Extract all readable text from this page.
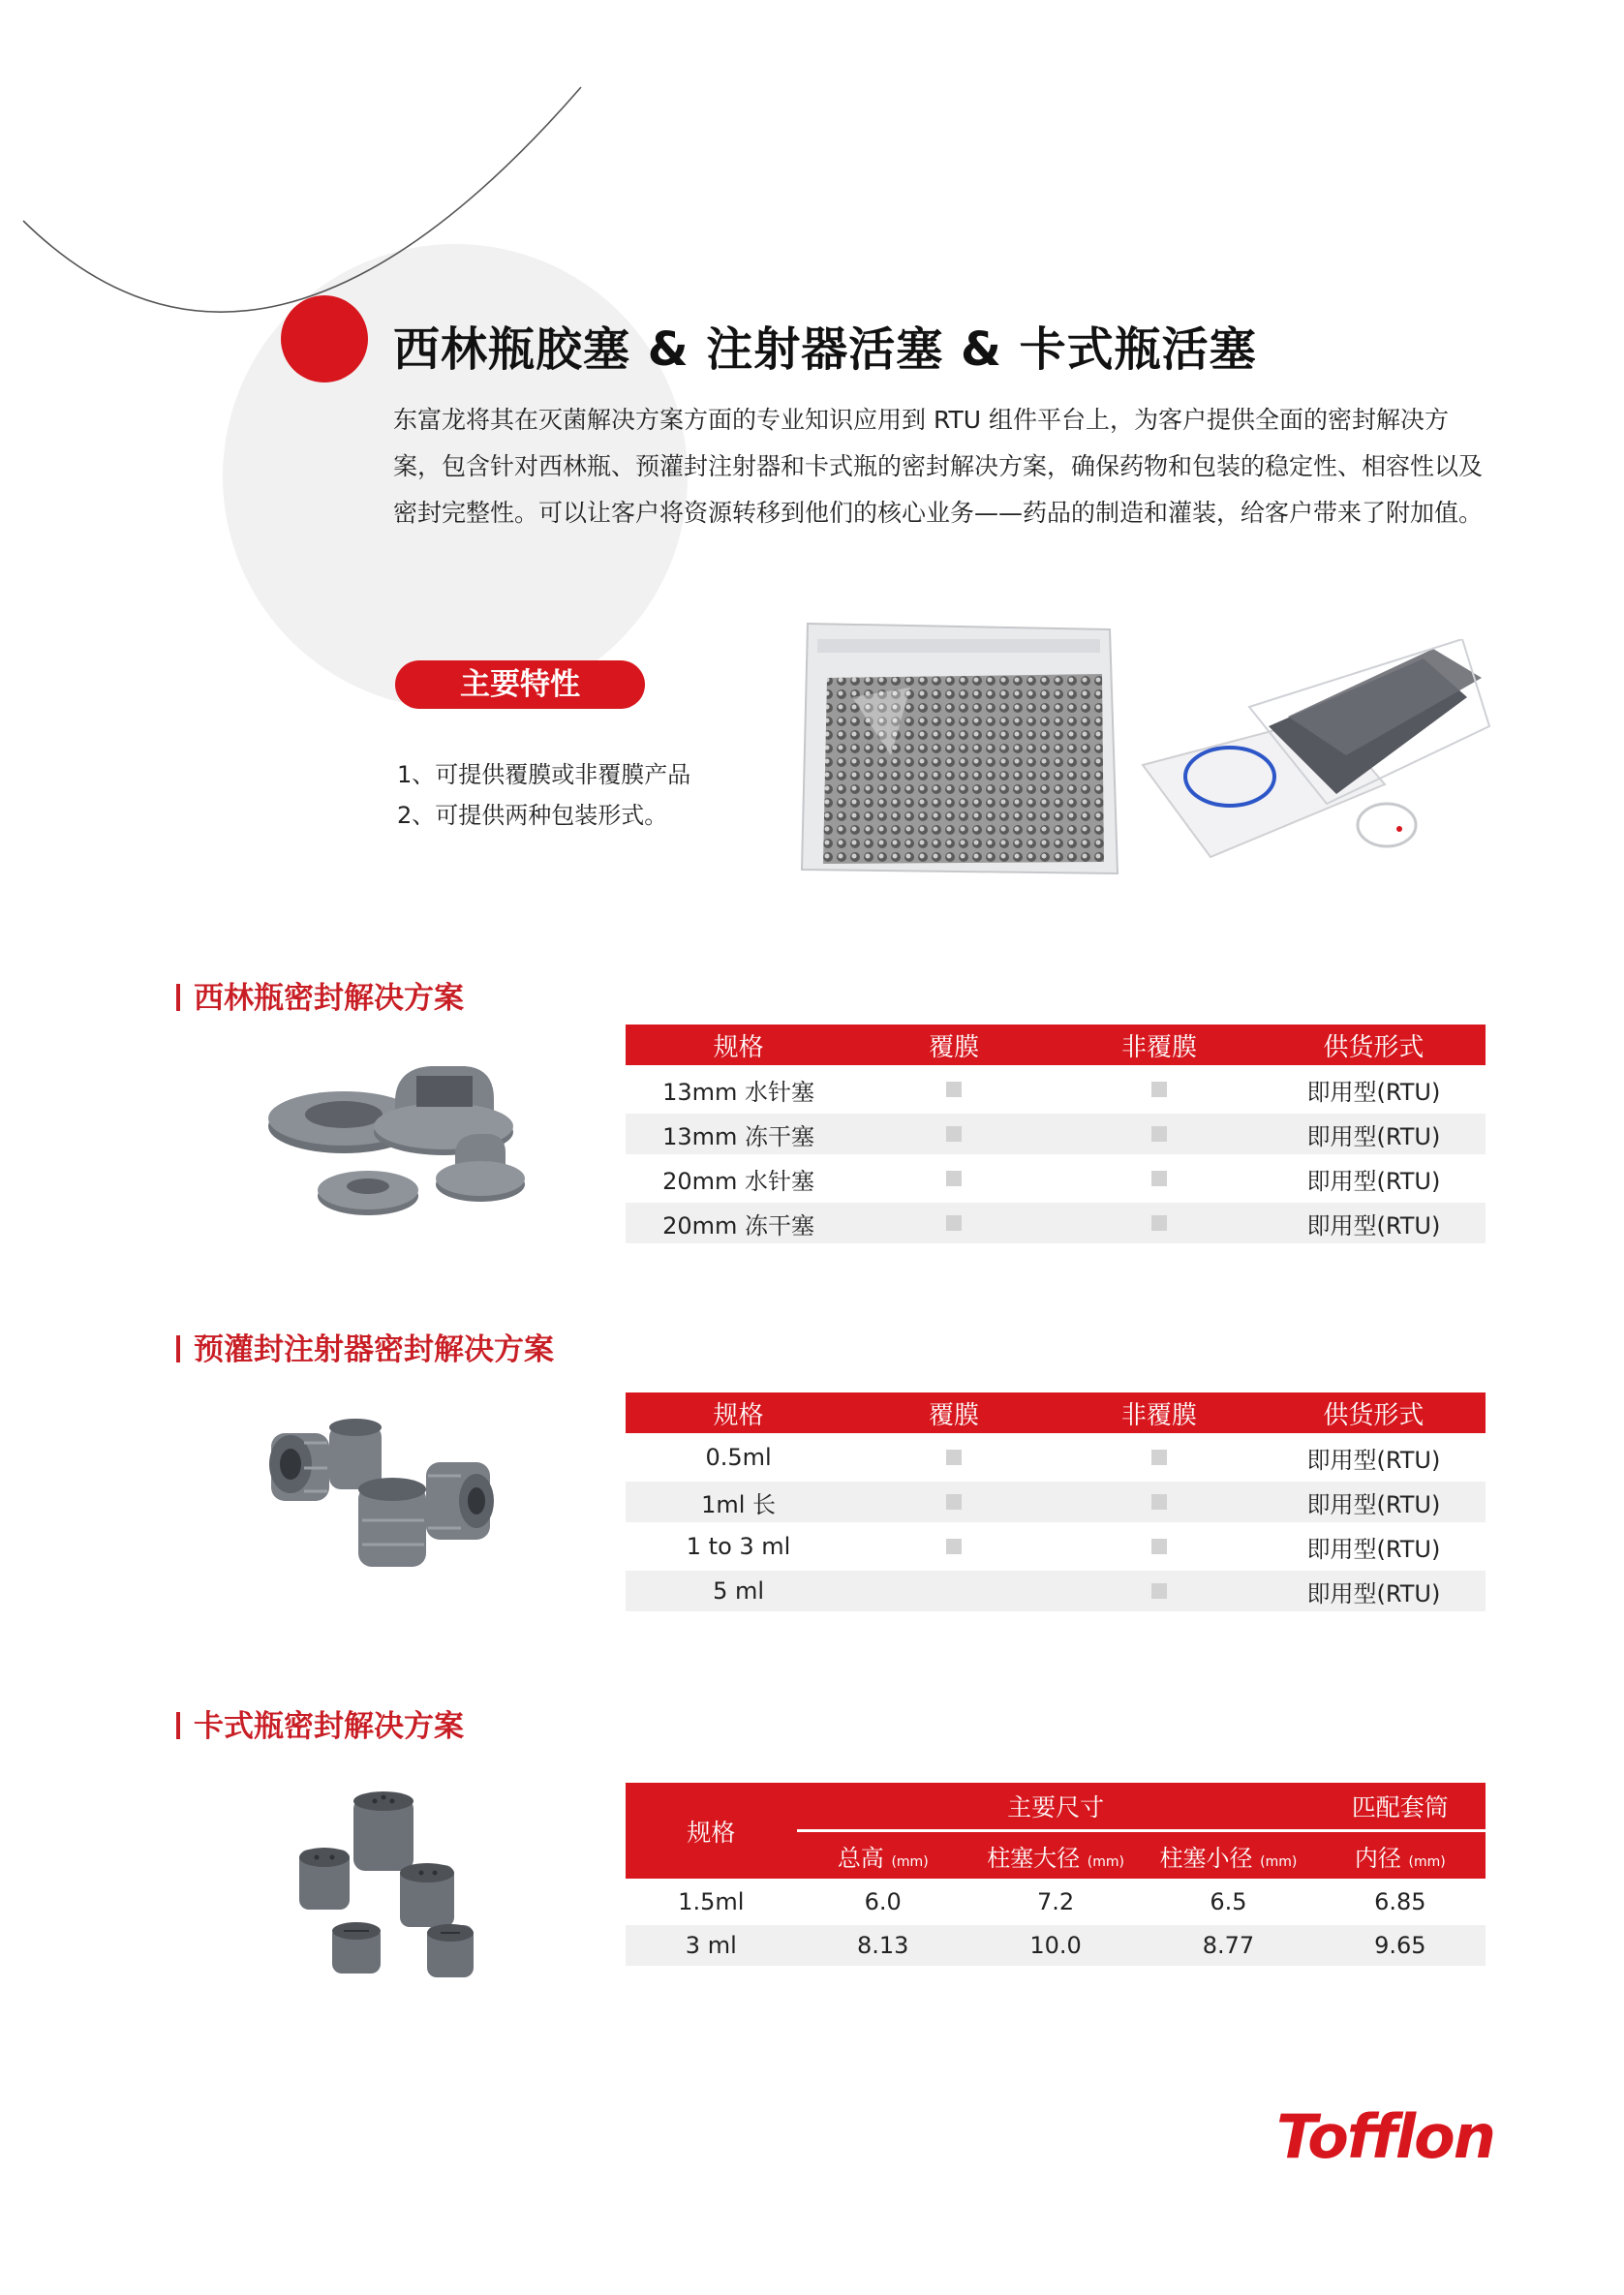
西林瓶胶塞 & 注射器活塞 & 卡式瓶活塞
东富龙将其在灭菌解决方案方面的专业知识应用到 RTU 组件平台上，为客户提供全面的密封解决方案，包含针对西林瓶、预灌封注射器和卡式瓶的密封解决方案，确保药物和包装的稳定性、相容性以及密封完整性。可以让客户将资源转移到他们的核心业务——药品的制造和灌装，给客户带来了附加值。
主要特性
1、可提供覆膜或非覆膜产品
2、可提供两种包装形式。
西林瓶密封解决方案
规格	覆膜	非覆膜	供货形式
13mm 水针塞			即用型(RTU)
13mm 冻干塞			即用型(RTU)
20mm 水针塞			即用型(RTU)
20mm 冻干塞			即用型(RTU)
预灌封注射器密封解决方案
规格	覆膜	非覆膜	供货形式
0.5ml			即用型(RTU)
1ml 长			即用型(RTU)
1 to 3 ml			即用型(RTU)
5 ml			即用型(RTU)
卡式瓶密封解决方案
规格	主要尺寸			匹配套筒
	总高 (mm)	柱塞大径 (mm)	柱塞小径 (mm)	内径 (mm)
1.5ml	6.0	7.2	6.5	6.85
3 ml	8.13	10.0	8.77	9.65
Tofflon
